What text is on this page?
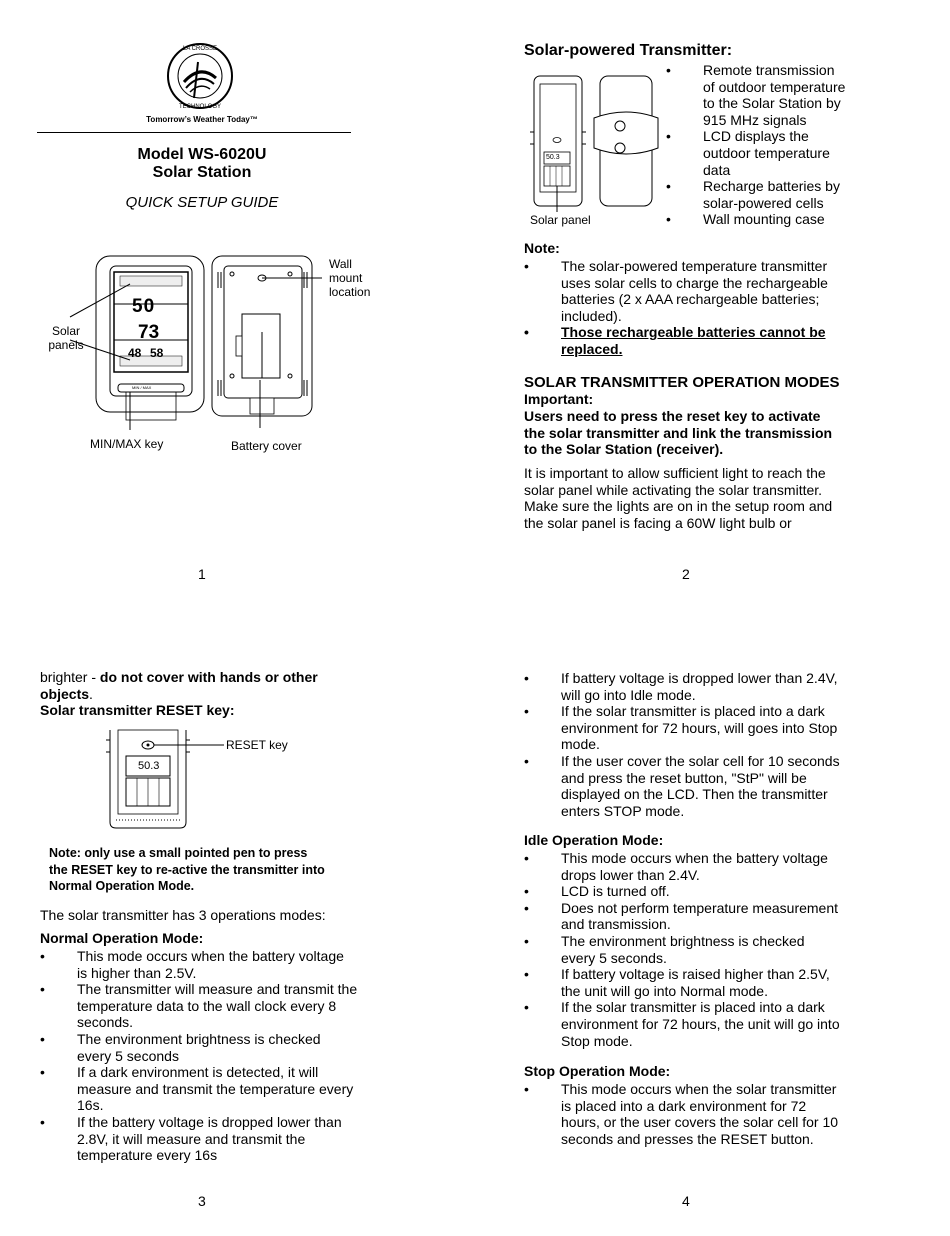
LA CROSSE
TECHNOLOGY
Tomorrow’s Weather Today™
Model WS-6020U
Solar Station
QUICK SETUP GUIDE
50
73
48 58
MIN / MAX
Solar
panels
Wall
mount
location
MIN/MAX key	Battery cover
1
Solar-powered Transmitter:
50.3
Solar panel
• Remote transmission
of outdoor temperature
to the Solar Station by
915 MHz signals
• LCD displays the
outdoor temperature
data
• Recharge batteries by
solar-powered cells
• Wall mounting case
Note:
• The solar-powered temperature transmitter
uses solar cells to charge the rechargeable
batteries (2 x AAA rechargeable batteries;
included).
• Those rechargeable batteries cannot be
replaced.
SOLAR TRANSMITTER OPERATION MODES
Important:
Users need to press the reset key to activate
the solar transmitter and link the transmission
to the Solar Station (receiver).
It is important to allow sufficient light to reach the
solar panel while activating the solar transmitter.
Make sure the lights are on in the setup room and
the solar panel is facing a 60W light bulb or
2
brighter - do not cover with hands or other
objects.
Solar transmitter RESET key:
50.3
RESET key
Note: only use a small pointed pen to press
the RESET key to re-active the transmitter into
Normal Operation Mode.
The solar transmitter has 3 operations modes:
Normal Operation Mode:
• This mode occurs when the battery voltage
is higher than 2.5V.
• The transmitter will measure and transmit the
temperature data to the wall clock every 8
seconds.
• The environment brightness is checked
every 5 seconds
• If a dark environment is detected, it will
measure and transmit the temperature every
16s.
• If the battery voltage is dropped lower than
2.8V, it will measure and transmit the
temperature every 16s
3
• If battery voltage is dropped lower than 2.4V,
will go into Idle mode.
• If the solar transmitter is placed into a dark
environment for 72 hours, will goes into Stop
mode.
• If the user cover the solar cell for 10 seconds
and press the reset button, "StP" will be
displayed on the LCD. Then the transmitter
enters STOP mode.
Idle Operation Mode:
• This mode occurs when the battery voltage
drops lower than 2.4V.
• LCD is turned off.
• Does not perform temperature measurement
and transmission.
• The environment brightness is checked
every 5 seconds.
• If battery voltage is raised higher than 2.5V,
the unit will go into Normal mode.
• If the solar transmitter is placed into a dark
environment for 72 hours, the unit will go into
Stop mode.
Stop Operation Mode:
• This mode occurs when the solar transmitter
is placed into a dark environment for 72
hours, or the user covers the solar cell for 10
seconds and presses the RESET button.
4
